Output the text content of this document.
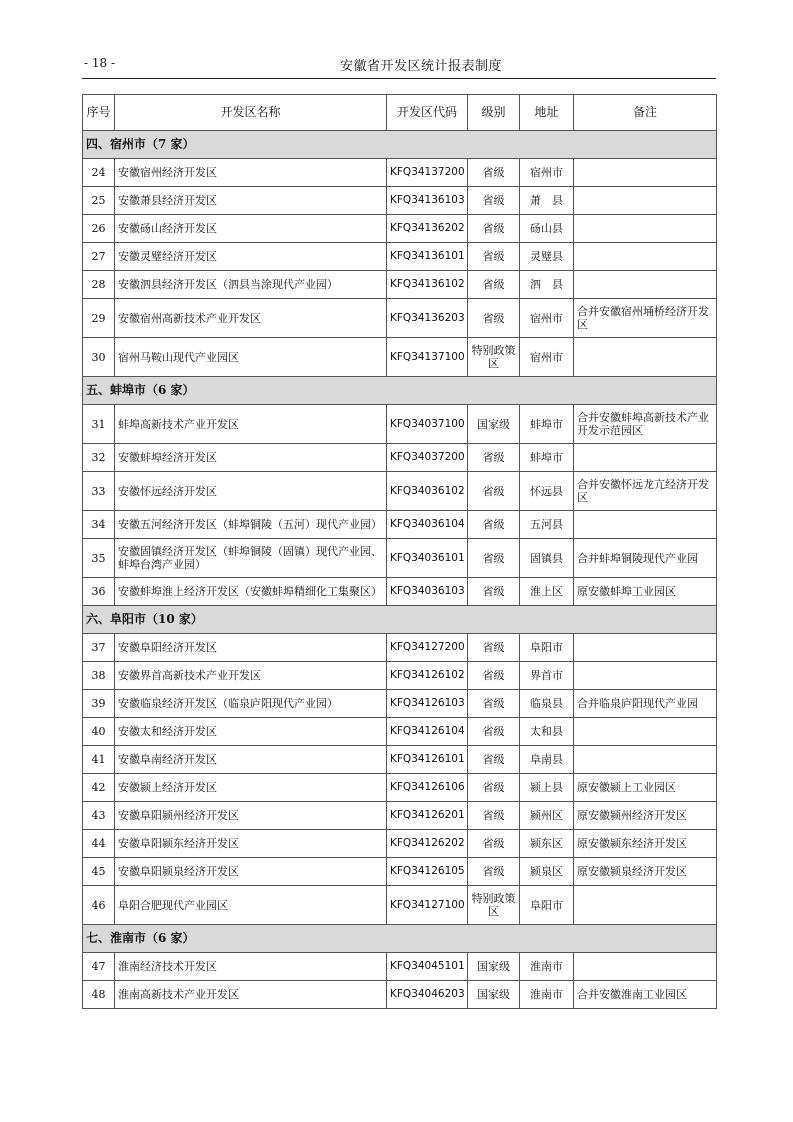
- 18 -	安徽省开发区统计报表制度
序号	开发区名称	开发区代码	级别	地址	备注
四、宿州市（7 家）					
24	安徽宿州经济开发区	KFQ34137200	省级	宿州市	
25	安徽萧县经济开发区	KFQ34136103	省级	萧　县	
26	安徽砀山经济开发区	KFQ34136202	省级	砀山县	
27	安徽灵璧经济开发区	KFQ34136101	省级	灵璧县	
28	安徽泗县经济开发区（泗县当涂现代产业园）	KFQ34136102	省级	泗　县	
29	安徽宿州高新技术产业开发区	KFQ34136203	省级	宿州市	合并安徽宿州埇桥经济开发区
30	宿州马鞍山现代产业园区	KFQ34137100	特别政策区	宿州市	
五、蚌埠市（6 家）					
31	蚌埠高新技术产业开发区	KFQ34037100	国家级	蚌埠市	合并安徽蚌埠高新技术产业开发示范园区
32	安徽蚌埠经济开发区	KFQ34037200	省级	蚌埠市	
33	安徽怀远经济开发区	KFQ34036102	省级	怀远县	合并安徽怀远龙亢经济开发区
34	安徽五河经济开发区（蚌埠铜陵（五河）现代产业园）	KFQ34036104	省级	五河县	
35	安徽固镇经济开发区（蚌埠铜陵（固镇）现代产业园、蚌埠台湾产业园）	KFQ34036101	省级	固镇县	合并蚌埠铜陵现代产业园
36	安徽蚌埠淮上经济开发区（安徽蚌埠精细化工集聚区）	KFQ34036103	省级	淮上区	原安徽蚌埠工业园区
六、阜阳市（10 家）					
37	安徽阜阳经济开发区	KFQ34127200	省级	阜阳市	
38	安徽界首高新技术产业开发区	KFQ34126102	省级	界首市	
39	安徽临泉经济开发区（临泉庐阳现代产业园）	KFQ34126103	省级	临泉县	合并临泉庐阳现代产业园
40	安徽太和经济开发区	KFQ34126104	省级	太和县	
41	安徽阜南经济开发区	KFQ34126101	省级	阜南县	
42	安徽颍上经济开发区	KFQ34126106	省级	颍上县	原安徽颍上工业园区
43	安徽阜阳颍州经济开发区	KFQ34126201	省级	颍州区	原安徽颍州经济开发区
44	安徽阜阳颍东经济开发区	KFQ34126202	省级	颍东区	原安徽颍东经济开发区
45	安徽阜阳颍泉经济开发区	KFQ34126105	省级	颍泉区	原安徽颍泉经济开发区
46	阜阳合肥现代产业园区	KFQ34127100	特别政策区	阜阳市	
七、淮南市（6 家）					
47	淮南经济技术开发区	KFQ34045101	国家级	淮南市	
48	淮南高新技术产业开发区	KFQ34046203	国家级	淮南市	合并安徽淮南工业园区
